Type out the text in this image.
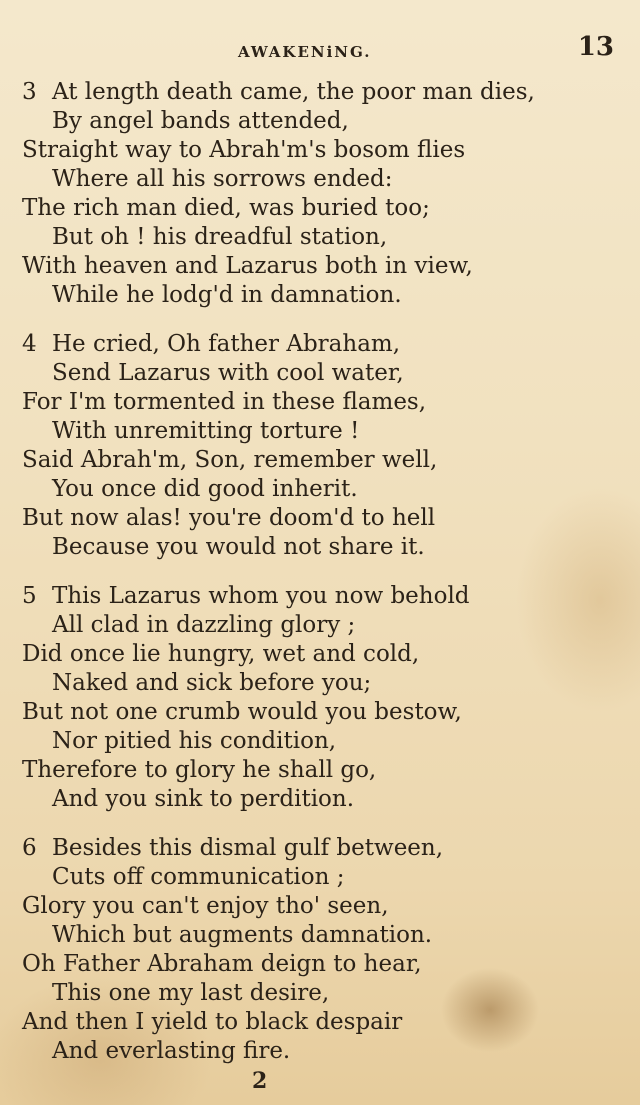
AWAKENiNG.	13
3 At length death came, the poor man dies,
By angel bands attended,
Straight way to Abrah'm's bosom flies
Where all his sorrows ended:
The rich man died, was buried too;
But oh ! his dreadful station,
With heaven and Lazarus both in view,
While he lodg'd in damnation.
4 He cried, Oh father Abraham,
Send Lazarus with cool water,
For I'm tormented in these flames,
With unremitting torture !
Said Abrah'm, Son, remember well,
You once did good inherit.
But now alas! you're doom'd to hell
Because you would not share it.
5 This Lazarus whom you now behold
All clad in dazzling glory ;
Did once lie hungry, wet and cold,
Naked and sick before you;
But not one crumb would you bestow,
Nor pitied his condition,
Therefore to glory he shall go,
And you sink to perdition.
6 Besides this dismal gulf between,
Cuts off communication ;
Glory you can't enjoy tho' seen,
Which but augments damnation.
Oh Father Abraham deign to hear,
This one my last desire,
And then I yield to black despair
And everlasting fire.
2
